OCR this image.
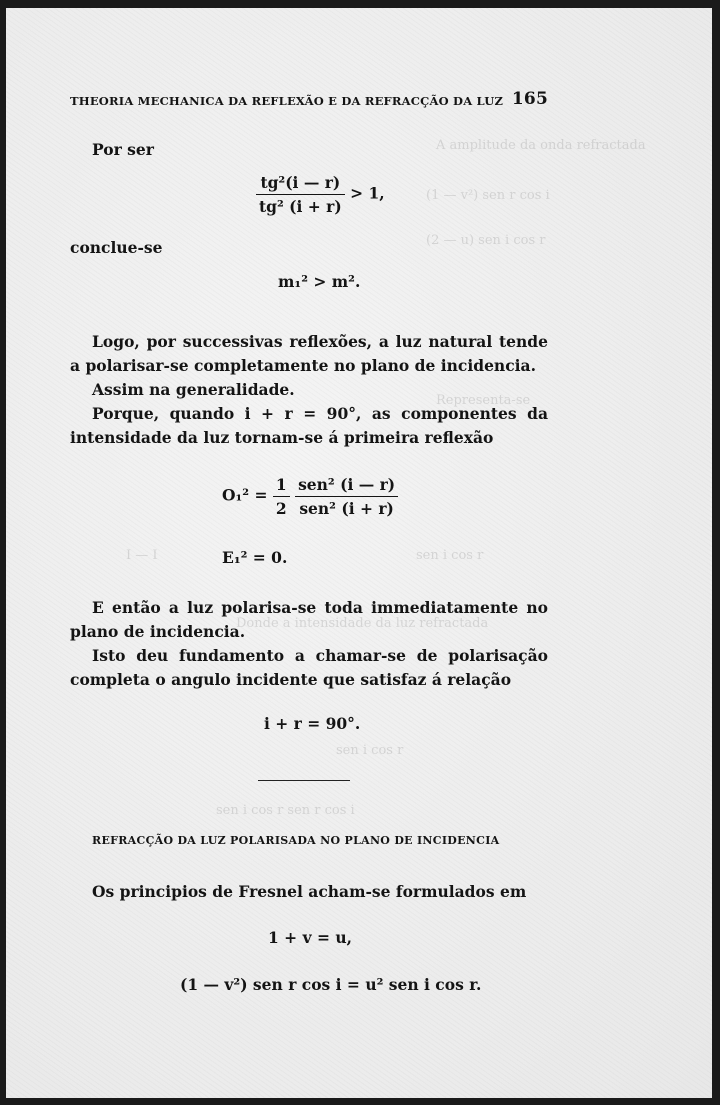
A amplitude da onda refractada
(1 — v²) sen r cos i
(2 — u) sen i cos r
Representa-se
I — I	sen i cos r
Donde a intensidade da luz refractada
sen i cos r
sen i cos r sen r cos i
THEORIA MECHANICA DA REFLEXÃO E DA REFRACÇÃO DA LUZ 165

Por ser

$\frac{\text{tg²(i — r)}}{\text{tg² (i + r)}} > 1$,

conclue-se

m₁² > m².

Logo, por successivas reflexões, a luz natural tende a polarisar-se completamente no plano de incidencia.

Assim na generalidade.

Porque, quando i + r = 90°, as componentes da intensidade da luz tornam-se á primeira reflexão

$O_1^2 = \frac{1}{2}$
$\frac{\text{sen² (i — r)}}{\text{sen² (i + r)}}$

E₁² = 0.

E então a luz polarisa-se toda immediatamente no plano de incidencia.

Isto deu fundamento a chamar-se de polarisação completa o angulo incidente que satisfaz á relação

i + r = 90°.

REFRACÇÃO DA LUZ POLARISADA NO PLANO DE INCIDENCIA

Os principios de Fresnel acham-se formulados em

1 + v = u,

(1 — v²) sen r cos i = u² sen i cos r.
